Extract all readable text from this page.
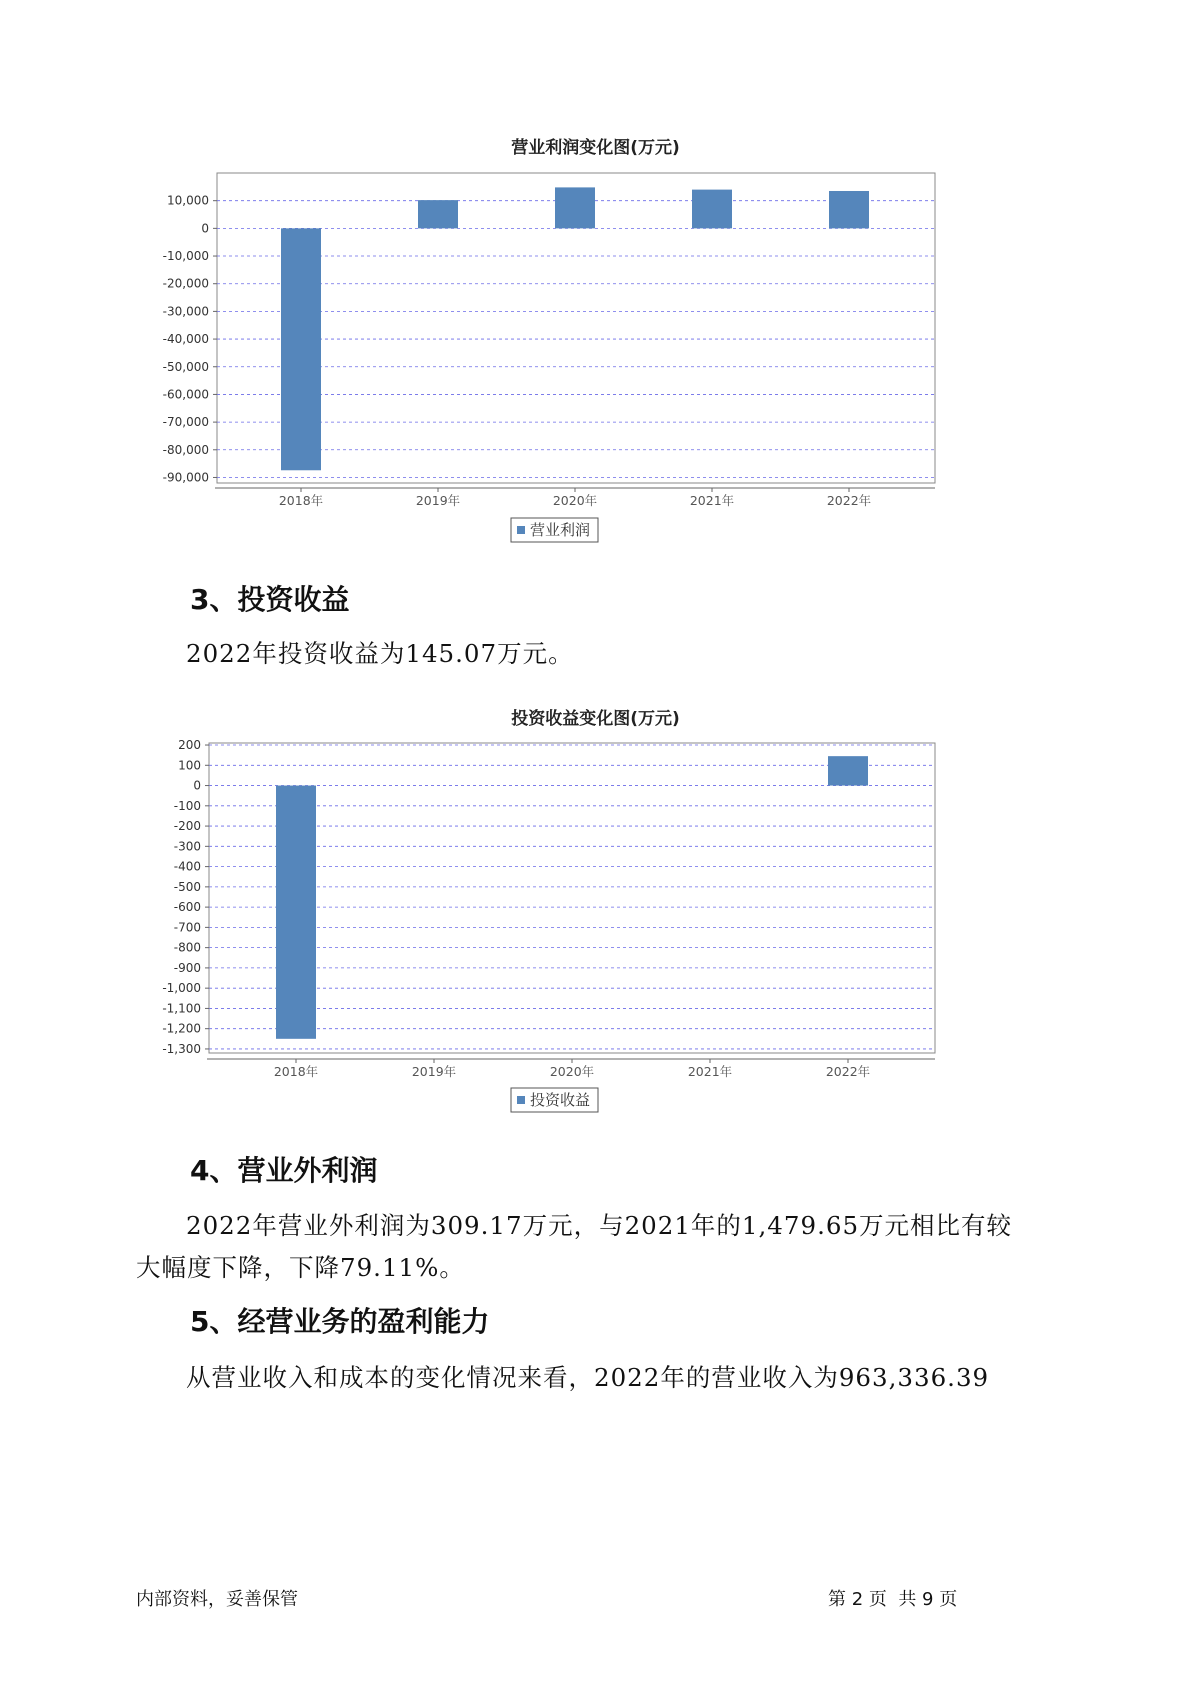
营业利润变化图(万元)
10,000
0
-10,000
-20,000
-30,000
-40,000
-50,000
-60,000
-70,000
-80,000
-90,000
2018年	2019年	2020年	2021年	2022年
营业利润
3、投资收益

2022年投资收益为145.07万元。

投资收益变化图(万元)
200
100
0
-100
-200
-300
-400
-500
-600
-700
-800
-900
-1,000
-1,100
-1,200
-1,300
2018年	2019年	2020年	2021年	2022年
投资收益
4、营业外利润

2022年营业外利润为309.17万元，与2021年的1,479.65万元相比有较

大幅度下降，下降79.11%。

5、经营业务的盈利能力

从营业收入和成本的变化情况来看，2022年的营业收入为963,336.39

内部资料，妥善保管	第 2 页  共 9 页
